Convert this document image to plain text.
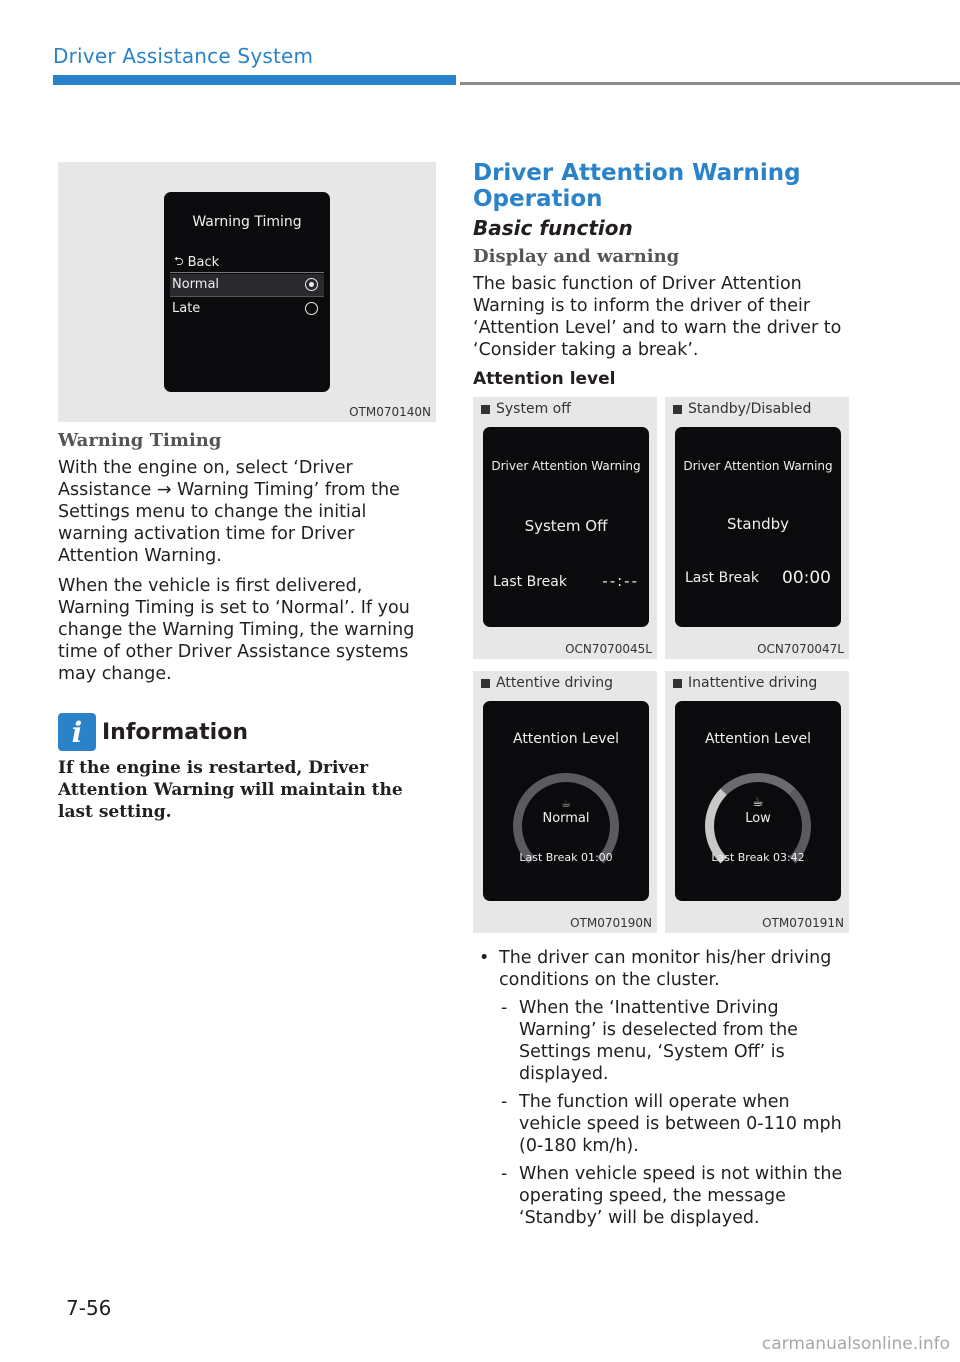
Driver Assistance System
Warning Timing
⮌ Back
Normal
Late
OTM070140N
Warning Timing

With the engine on, select ‘Driver Assistance → Warning Timing’ from the Settings menu to change the initial warning activation time for Driver Attention Warning.

When the vehicle is first delivered, Warning Timing is set to ‘Normal’. If you change the Warning Timing, the warning time of other Driver Assistance systems may change.

i Information

If the engine is restarted, Driver Attention Warning will maintain the last setting.

Driver Attention Warning Operation
Basic function
Display and warning

The basic function of Driver Attention Warning is to inform the driver of their ‘Attention Level’ and to warn the driver to ‘Consider taking a break’.

Attention level
System off
Driver Attention Warning
System Off
Last Break --:--
OCN7070045L
Standby/Disabled
Driver Attention Warning
Standby
Last Break 00:00
OCN7070047L
Attentive driving
Attention Level
☕
Normal
Last Break 01:00
OTM070190N
Inattentive driving
Attention Level
☕
Low
Last Break 03:42
OTM070191N
• The driver can monitor his/her driving conditions on the cluster.
- When the ‘Inattentive Driving Warning’ is deselected from the Settings menu, ‘System Off’ is displayed.
- The function will operate when vehicle speed is between 0-110 mph (0-180 km/h).
- When vehicle speed is not within the operating speed, the message ‘Standby’ will be displayed.
7-56
carmanualsonline.info
